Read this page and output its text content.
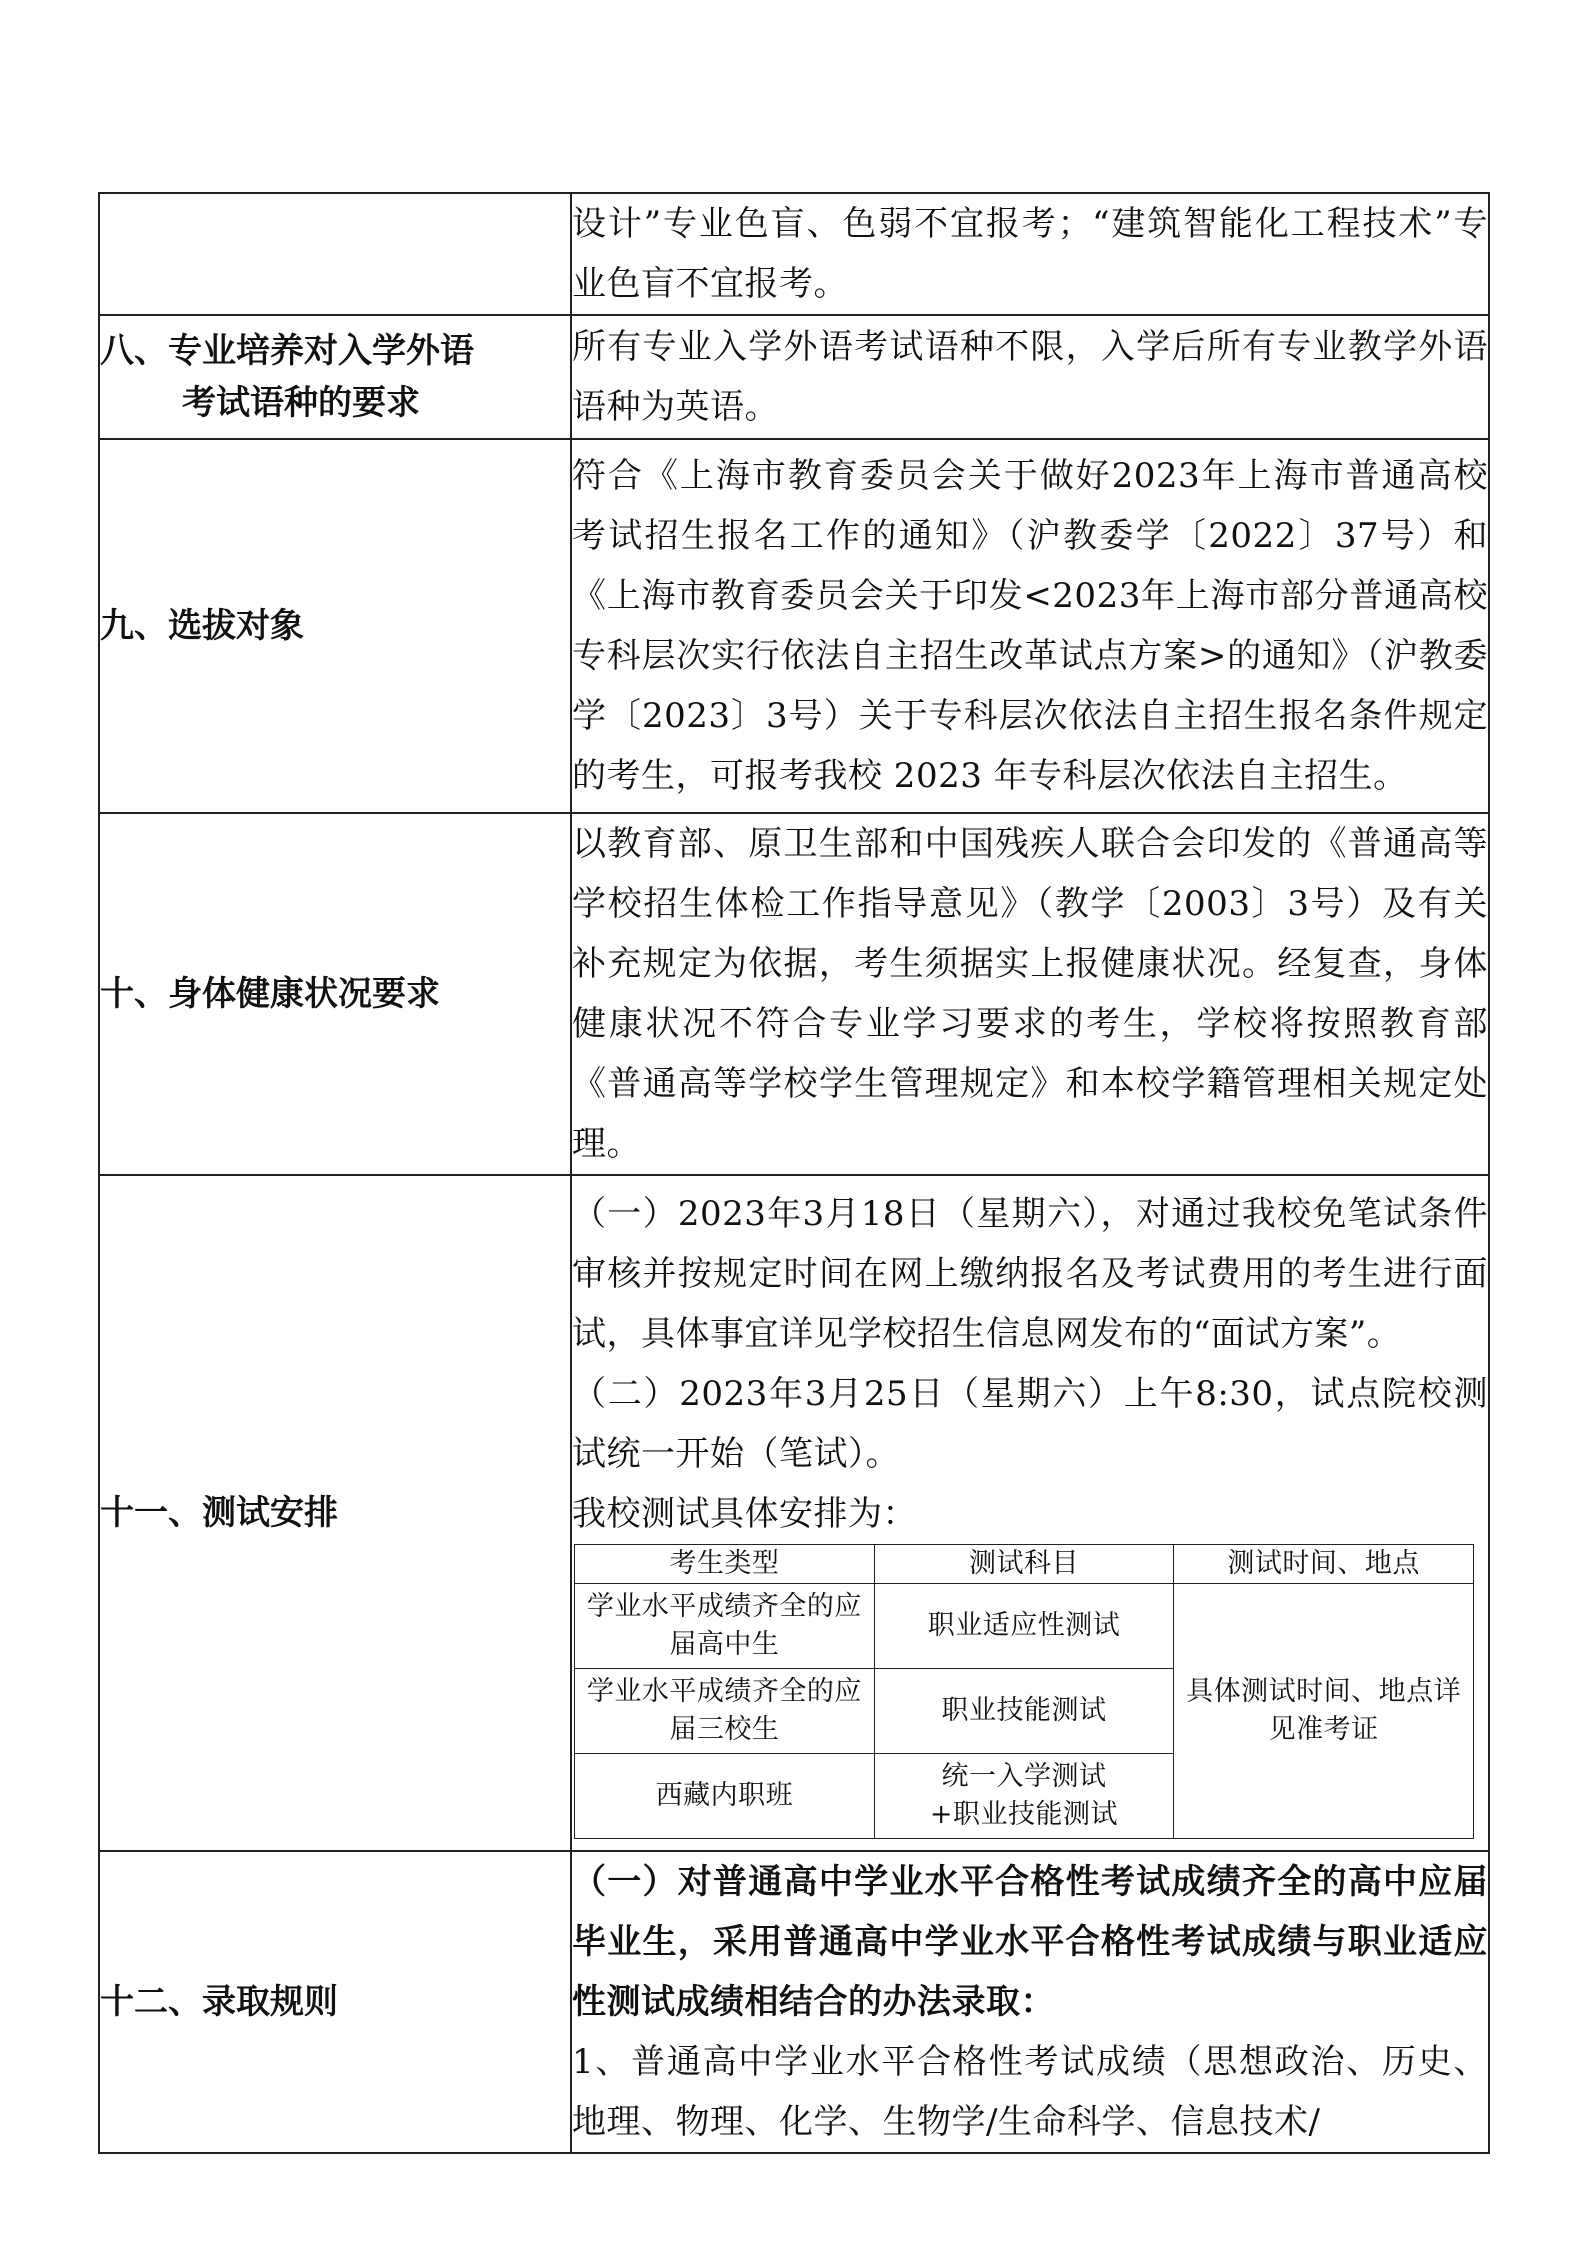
设计”专业色盲、色弱不宜报考；“建筑智能化工程技术”专业色盲不宜报考。

八、专业培养对入学外语
考试语种的要求

所有专业入学外语考试语种不限，入学后所有专业教学外语语种为英语。

九、选拔对象	

符合《上海市教育委员会关于做好2023年上海市普通高校考试招生报名工作的通知》（沪教委学〔2022〕37号）和《上海市教育委员会关于印发<2023年上海市部分普通高校专科层次实行依法自主招生改革试点方案>的通知》（沪教委学〔2023〕3号）关于专科层次依法自主招生报名条件规定的考生，可报考我校 2023 年专科层次依法自主招生。

十、身体健康状况要求	

以教育部、原卫生部和中国残疾人联合会印发的《普通高等学校招生体检工作指导意见》（教学〔2003〕3号）及有关补充规定为依据，考生须据实上报健康状况。经复查，身体健康状况不符合专业学习要求的考生，学校将按照教育部《普通高等学校学生管理规定》和本校学籍管理相关规定处理。

十一、测试安排	

（一）2023年3月18日（星期六），对通过我校免笔试条件审核并按规定时间在网上缴纳报名及考试费用的考生进行面试，具体事宜详见学校招生信息网发布的“面试方案”。

（二）2023年3月25日（星期六）上午8:30，试点院校测试统一开始（笔试）。

我校测试具体安排为：

考生类型	测试科目	测试时间、地点
学业水平成绩齐全的应届高中生	职业适应性测试	具体测试时间、地点详见准考证
学业水平成绩齐全的应届三校生	职业技能测试
西藏内职班	统一入学测试
+职业技能测试

十二、录取规则	

（一）对普通高中学业水平合格性考试成绩齐全的高中应届毕业生，采用普通高中学业水平合格性考试成绩与职业适应性测试成绩相结合的办法录取：

1、普通高中学业水平合格性考试成绩（思想政治、历史、地理、物理、化学、生物学/生命科学、信息技术/
